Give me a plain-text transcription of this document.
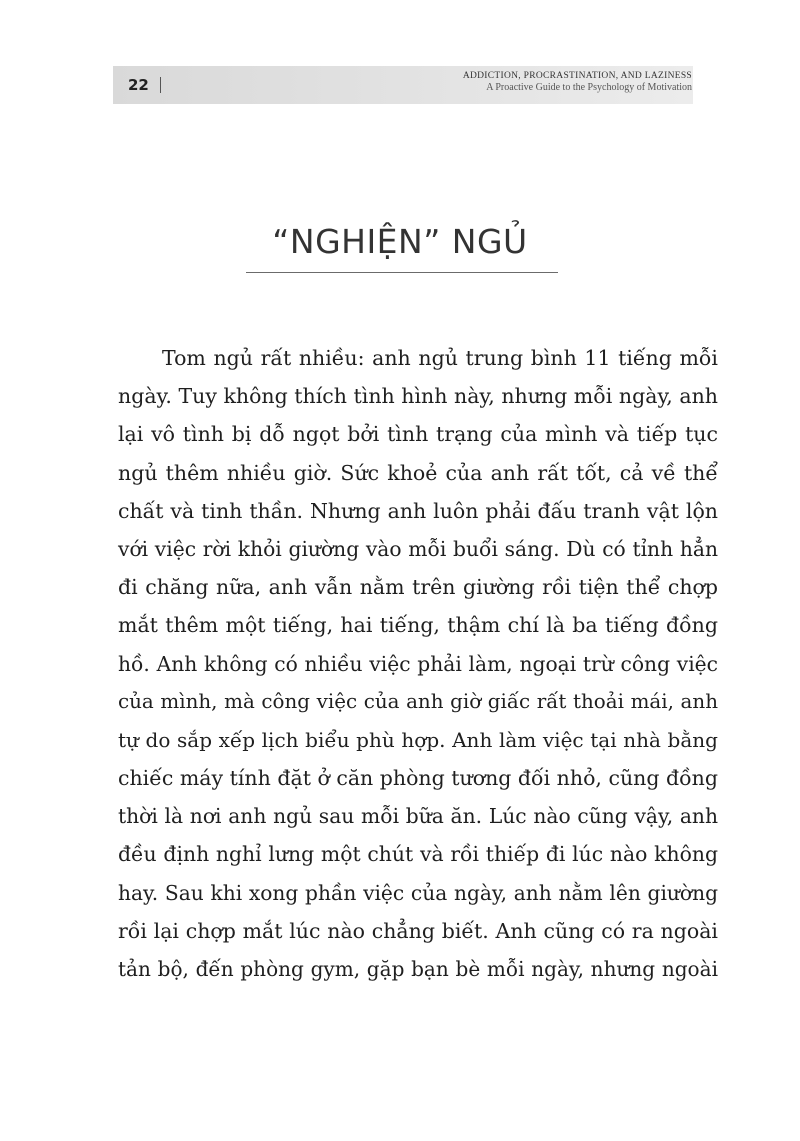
22	ADDICTION, PROCRASTINATION, AND LAZINESS
A Proactive Guide to the Psychology of Motivation
“NGHIỆN” NGỦ
Tom ngủ rất nhiều: anh ngủ trung bình 11 tiếng mỗi
ngày. Tuy không thích tình hình này, nhưng mỗi ngày, anh
lại vô tình bị dỗ ngọt bởi tình trạng của mình và tiếp tục
ngủ thêm nhiều giờ. Sức khoẻ của anh rất tốt, cả về thể
chất và tinh thần. Nhưng anh luôn phải đấu tranh vật lộn
với việc rời khỏi giường vào mỗi buổi sáng. Dù có tỉnh hẳn
đi chăng nữa, anh vẫn nằm trên giường rồi tiện thể chợp
mắt thêm một tiếng, hai tiếng, thậm chí là ba tiếng đồng
hồ. Anh không có nhiều việc phải làm, ngoại trừ công việc
của mình, mà công việc của anh giờ giấc rất thoải mái, anh
tự do sắp xếp lịch biểu phù hợp. Anh làm việc tại nhà bằng
chiếc máy tính đặt ở căn phòng tương đối nhỏ, cũng đồng
thời là nơi anh ngủ sau mỗi bữa ăn. Lúc nào cũng vậy, anh
đều định nghỉ lưng một chút và rồi thiếp đi lúc nào không
hay. Sau khi xong phần việc của ngày, anh nằm lên giường
rồi lại chợp mắt lúc nào chẳng biết. Anh cũng có ra ngoài
tản bộ, đến phòng gym, gặp bạn bè mỗi ngày, nhưng ngoài
